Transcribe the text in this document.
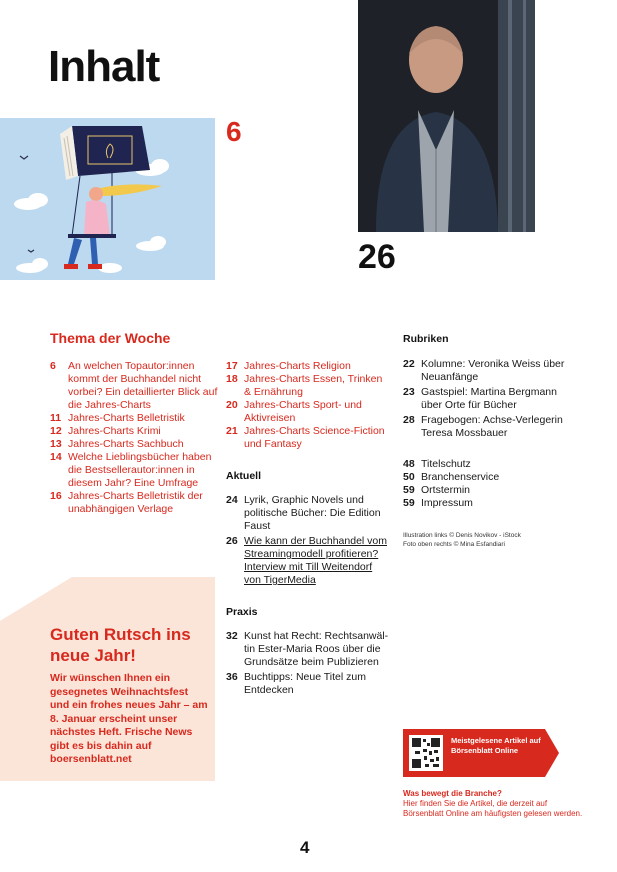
Inhalt
6
26
Thema der Woche
6	An welchen Topautor:innen kommt der Buchhandel nicht vorbei? Ein detaillierter Blick auf die Jahres-Charts
11 Jahres-Charts Belletristik
12 Jahres-Charts Krimi
13 Jahres-Charts Sachbuch
14 Welche Lieblingsbücher haben die Bestsellerautor:innen in diesem Jahr? Eine Umfrage
16 Jahres-Charts Belletristik der unabhängigen Verlage
17 Jahres-Charts Religion
18 Jahres-Charts Essen, Trinken & Ernährung
20 Jahres-Charts Sport- und Aktivreisen
21 Jahres-Charts Science-Fiction und Fantasy
Aktuell
24 Lyrik, Graphic Novels und politische Bücher: Die Edition Faust
26 Wie kann der Buchhandel vom Streamingmodell profitieren? Interview mit Till Weitendorf von TigerMedia
Praxis
32 Kunst hat Recht: Rechtsanwäl-tin Ester-Maria Roos über die Grundsätze beim Publizieren
36 Buchtipps: Neue Titel zum Entdecken
Rubriken
22 Kolumne: Veronika Weiss über Neuanfänge
23 Gastspiel: Martina Bergmann über Orte für Bücher
28 Fragebogen: Achse-Verlegerin Teresa Mossbauer
48 Titelschutz
50 Branchenservice
59 Ortstermin
59 Impressum
Illustration links © Denis Novikov - iStock
Foto oben rechts © Mina Esfandiari
Guten Rutsch ins neue Jahr!
Wir wünschen Ihnen ein gesegnetes Weihnachtsfest und ein frohes neues Jahr – am 8. Januar erscheint unser nächstes Heft. Frische News gibt es bis dahin auf boersenblatt.net
Meistgelesene Artikel auf Börsenblatt Online
Was bewegt die Branche?
Hier finden Sie die Artikel, die derzeit auf Börsenblatt Online am häufigsten gelesen werden.
4
